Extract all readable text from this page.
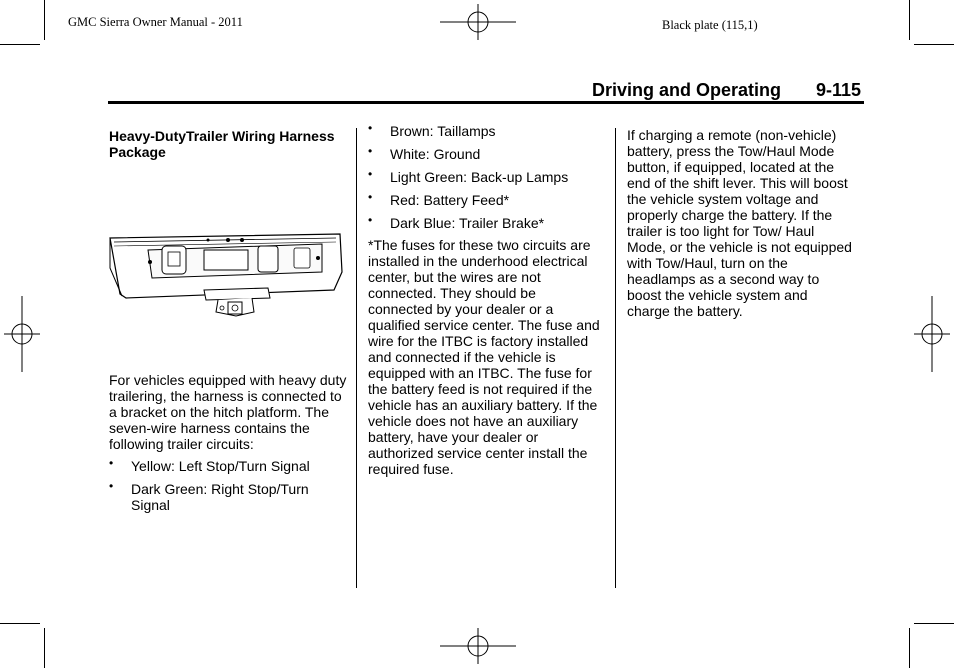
GMC Sierra Owner Manual - 2011	Black plate (115,1)
Driving and Operating 9-115
Heavy-DutyTrailer Wiring Harness Package
For vehicles equipped with heavy duty trailering, the harness is connected to a bracket on the hitch platform. The seven-wire harness contains the following trailer circuits:
• Yellow: Left Stop/Turn Signal
• Dark Green: Right Stop/Turn Signal
• Brown: Taillamps
• White: Ground
• Light Green: Back-up Lamps
• Red: Battery Feed*
• Dark Blue: Trailer Brake*
*The fuses for these two circuits are installed in the underhood electrical center, but the wires are not connected. They should be connected by your dealer or a qualified service center. The fuse and wire for the ITBC is factory installed and connected if the vehicle is equipped with an ITBC. The fuse for the battery feed is not required if the vehicle has an auxiliary battery. If the vehicle does not have an auxiliary battery, have your dealer or authorized service center install the required fuse.
If charging a remote (non-vehicle) battery, press the Tow/Haul Mode button, if equipped, located at the end of the shift lever. This will boost the vehicle system voltage and properly charge the battery. If the trailer is too light for Tow/ Haul Mode, or the vehicle is not equipped with Tow/Haul, turn on the headlamps as a second way to boost the vehicle system and charge the battery.
